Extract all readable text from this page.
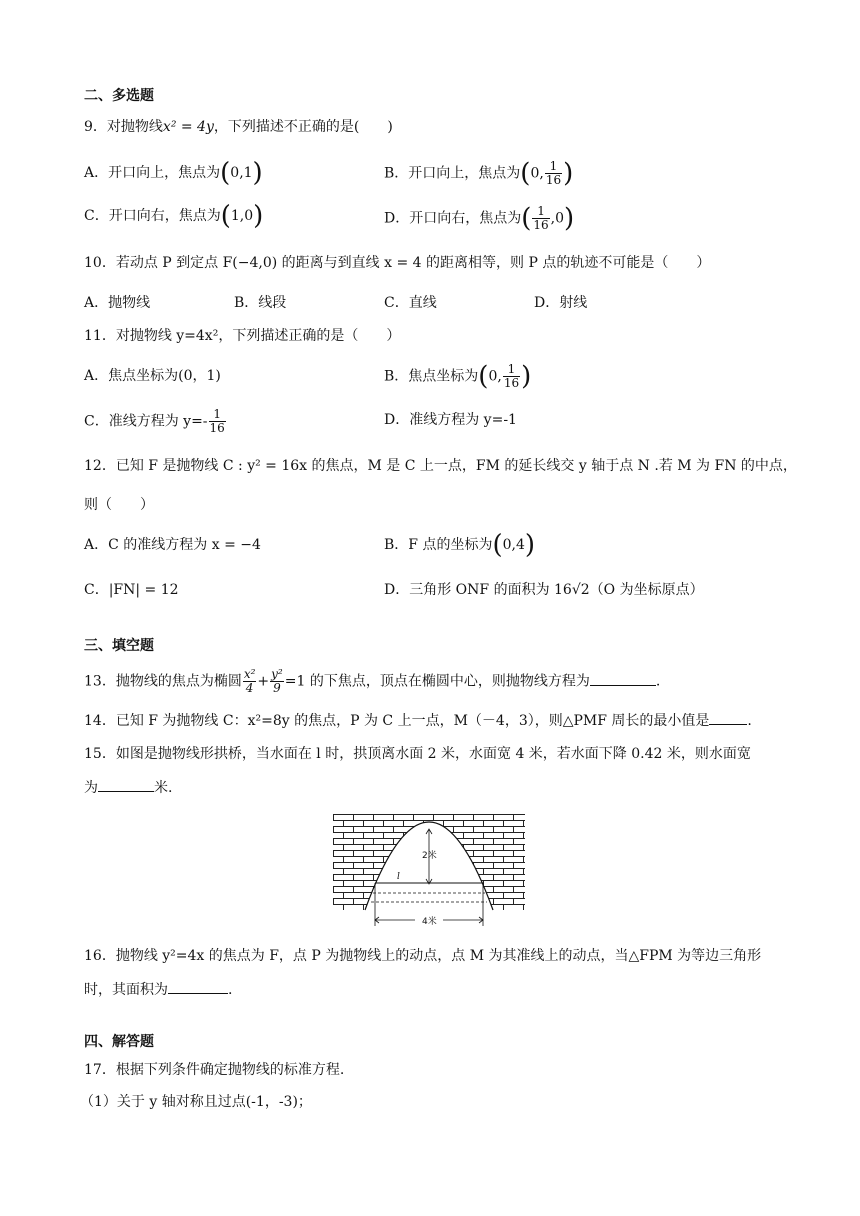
二、多选题
9．对抛物线x² = 4y，下列描述不正确的是(　　)
A．开口向上，焦点为(0,1)	B．开口向上，焦点为(0, $\frac{1}{16}$ )
C．开口向右，焦点为(1,0)	D．开口向右，焦点为( $\frac{1}{16} ,0$)
10．若动点 P 到定点 F(−4,0) 的距离与到直线 x = 4 的距离相等，则 P 点的轨迹不可能是（　　）
A．抛物线	B．线段	C．直线	D．射线
11．对抛物线 y=4x²，下列描述正确的是（　　）
A．焦点坐标为(0，1)	B．焦点坐标为(0, $\frac{1}{16}$ )
C．准线方程为 $y=- \frac{1}{16}$	D．准线方程为 y=-1
12．已知 F 是抛物线 C : y² = 16x 的焦点，M 是 C 上一点，FM 的延长线交 y 轴于点 N .若 M 为 FN 的中点，
则（　　）
A．C 的准线方程为 x = −4	B．F 点的坐标为(0,4)
C．|FN| = 12	D．三角形 ONF 的面积为 16√2（O 为坐标原点）
三、填空题
13．抛物线的焦点为椭圆 $\frac{\text{x²}}{4} + \frac{\text{y²}}{9} =1$ 的下焦点，顶点在椭圆中心，则抛物线方程为	.
14．已知 F 为抛物线 C：x²=8y 的焦点，P 为 C 上一点，M（－4，3），则△PMF 周长的最小值是	.
15．如图是抛物线形拱桥，当水面在 l 时，拱顶离水面 2 米，水面宽 4 米，若水面下降 0.42 米，则水面宽
为	米.
2米
4米
l
16．抛物线 y²=4x 的焦点为 F，点 P 为抛物线上的动点，点 M 为其准线上的动点，当△FPM 为等边三角形
时，其面积为	.
四、解答题
17．根据下列条件确定抛物线的标准方程.
（1）关于 y 轴对称且过点(-1，-3)；
